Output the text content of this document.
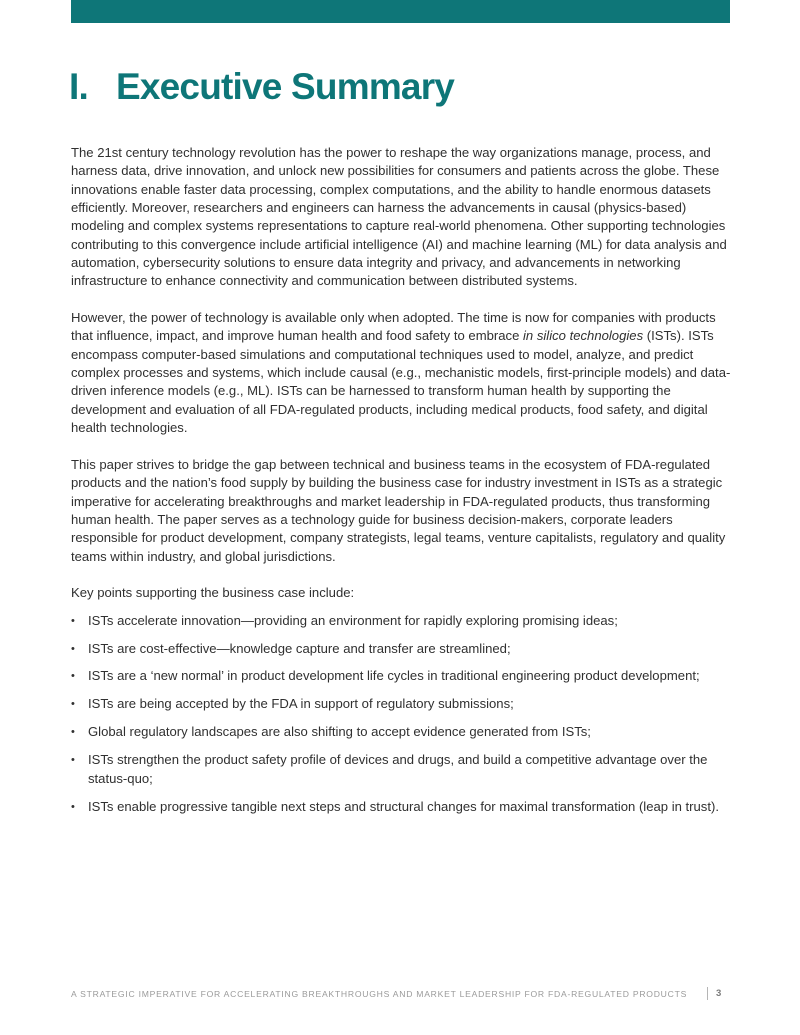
I. Executive Summary

The 21st century technology revolution has the power to reshape the way organizations manage, process, and harness data, drive innovation, and unlock new possibilities for consumers and patients across the globe. These innovations enable faster data processing, complex computations, and the ability to handle enormous datasets efficiently. Moreover, researchers and engineers can harness the advancements in causal (physics-based) modeling and complex systems representations to capture real-world phenomena. Other supporting technologies contributing to this convergence include artificial intelligence (AI) and machine learning (ML) for data analysis and automation, cybersecurity solutions to ensure data integrity and privacy, and advancements in networking infrastructure to enhance connectivity and communication between distributed systems.

However, the power of technology is available only when adopted. The time is now for companies with products that influence, impact, and improve human health and food safety to embrace in silico technologies (ISTs). ISTs encompass computer-based simulations and computational techniques used to model, analyze, and predict complex processes and systems, which include causal (e.g., mechanistic models, first-principle models) and data-driven inference models (e.g., ML). ISTs can be harnessed to transform human health by supporting the development and evaluation of all FDA-regulated products, including medical products, food safety, and digital health technologies.

This paper strives to bridge the gap between technical and business teams in the ecosystem of FDA-regulated products and the nation’s food supply by building the business case for industry investment in ISTs as a strategic imperative for accelerating breakthroughs and market leadership in FDA-regulated products, thus transforming human health. The paper serves as a technology guide for business decision-makers, corporate leaders responsible for product development, company strategists, legal teams, venture capitalists, regulatory and quality teams within industry, and global jurisdictions.

Key points supporting the business case include:

• ISTs accelerate innovation—providing an environment for rapidly exploring promising ideas;
• ISTs are cost-effective—knowledge capture and transfer are streamlined;
• ISTs are a ‘new normal’ in product development life cycles in traditional engineering product development;
• ISTs are being accepted by the FDA in support of regulatory submissions;
• Global regulatory landscapes are also shifting to accept evidence generated from ISTs;
• ISTs strengthen the product safety profile of devices and drugs, and build a competitive advantage over the status-quo;
• ISTs enable progressive tangible next steps and structural changes for maximal transformation (leap in trust).
A STRATEGIC IMPERATIVE FOR ACCELERATING BREAKTHROUGHS AND MARKET LEADERSHIP FOR FDA-REGULATED PRODUCTS	3
